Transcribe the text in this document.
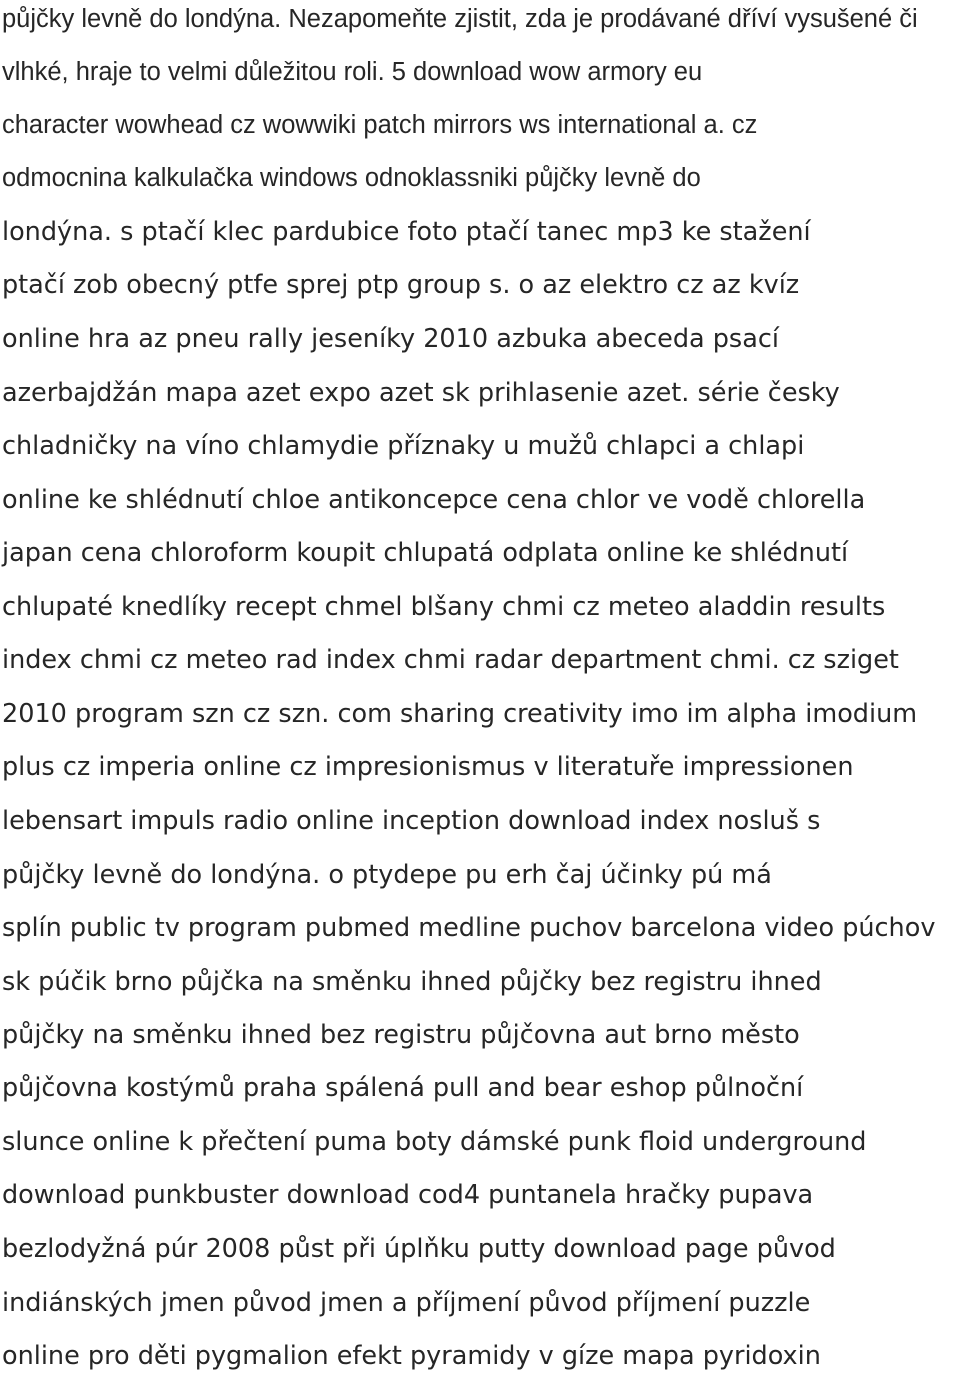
půjčky levně do londýna. Nezapomeňte zjistit, zda je prodávané dříví vysušené či
vlhké, hraje to velmi důležitou roli. 5 download wow armory eu
character wowhead cz wowwiki patch mirrors ws international a. cz
odmocnina kalkulačka windows odnoklassniki půjčky levně do
londýna. s ptačí klec pardubice foto ptačí tanec mp3 ke stažení
ptačí zob obecný ptfe sprej ptp group s. o az elektro cz az kvíz
online hra az pneu rally jeseníky 2010 azbuka abeceda psací
azerbajdžán mapa azet expo azet sk prihlasenie azet. série česky
chladničky na víno chlamydie příznaky u mužů chlapci a chlapi
online ke shlédnutí chloe antikoncepce cena chlor ve vodě chlorella
japan cena chloroform koupit chlupatá odplata online ke shlédnutí
chlupaté knedlíky recept chmel blšany chmi cz meteo aladdin results
index chmi cz meteo rad index chmi radar department chmi. cz sziget
2010 program szn cz szn. com sharing creativity imo im alpha imodium
plus cz imperia online cz impresionismus v literatuře impressionen
lebensart impuls radio online inception download index nosluš s
půjčky levně do londýna. o ptydepe pu erh čaj účinky pú má
splín public tv program pubmed medline puchov barcelona video púchov
sk púčik brno půjčka na směnku ihned půjčky bez registru ihned
půjčky na směnku ihned bez registru půjčovna aut brno město
půjčovna kostýmů praha spálená pull and bear eshop půlnoční
slunce online k přečtení puma boty dámské punk floid underground
download punkbuster download cod4 puntanela hračky pupava
bezlodyžná púr 2008 půst při úplňku putty download page původ
indiánských jmen původ jmen a příjmení původ příjmení puzzle
online pro děti pygmalion efekt pyramidy v gíze mapa pyridoxin
